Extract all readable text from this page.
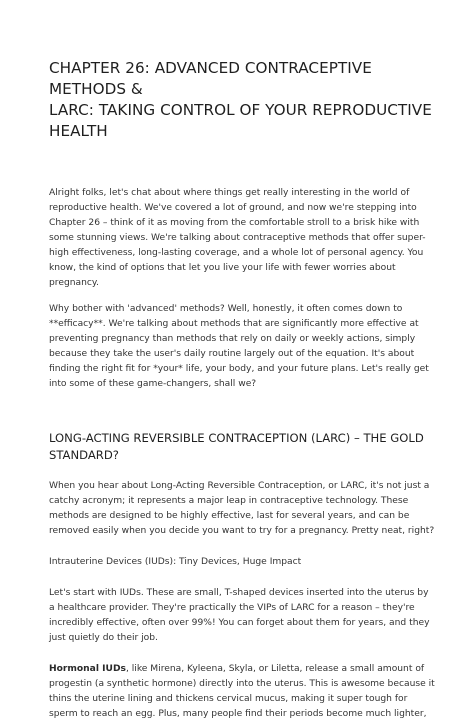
CHAPTER 26: ADVANCED CONTRACEPTIVE METHODS &
LARC: TAKING CONTROL OF YOUR REPRODUCTIVE
HEALTH

Alright folks, let's chat about where things get really interesting in the world of reproductive health. We've covered a lot of ground, and now we're stepping into Chapter 26 – think of it as moving from the comfortable stroll to a brisk hike with some stunning views. We're talking about contraceptive methods that offer super-high effectiveness, long-lasting coverage, and a whole lot of personal agency. You know, the kind of options that let you live your life with fewer worries about pregnancy.

Why bother with 'advanced' methods? Well, honestly, it often comes down to **efficacy**. We're talking about methods that are significantly more effective at preventing pregnancy than methods that rely on daily or weekly actions, simply because they take the user's daily routine largely out of the equation. It's about finding the right fit for *your* life, your body, and your future plans. Let's really get into some of these game-changers, shall we?

LONG-ACTING REVERSIBLE CONTRACEPTION (LARC) – THE GOLD
STANDARD?

When you hear about Long-Acting Reversible Contraception, or LARC, it's not just a catchy acronym; it represents a major leap in contraceptive technology. These methods are designed to be highly effective, last for several years, and can be removed easily when you decide you want to try for a pregnancy. Pretty neat, right?

Intrauterine Devices (IUDs): Tiny Devices, Huge Impact

Let's start with IUDs. These are small, T-shaped devices inserted into the uterus by a healthcare provider. They're practically the VIPs of LARC for a reason – they're incredibly effective, often over 99%! You can forget about them for years, and they just quietly do their job.

Hormonal IUDs, like Mirena, Kyleena, Skyla, or Liletta, release a small amount of progestin (a synthetic hormone) directly into the uterus. This is awesome because it thins the uterine lining and thickens cervical mucus, making it super tough for sperm to reach an egg. Plus, many people find their periods become much lighter,
